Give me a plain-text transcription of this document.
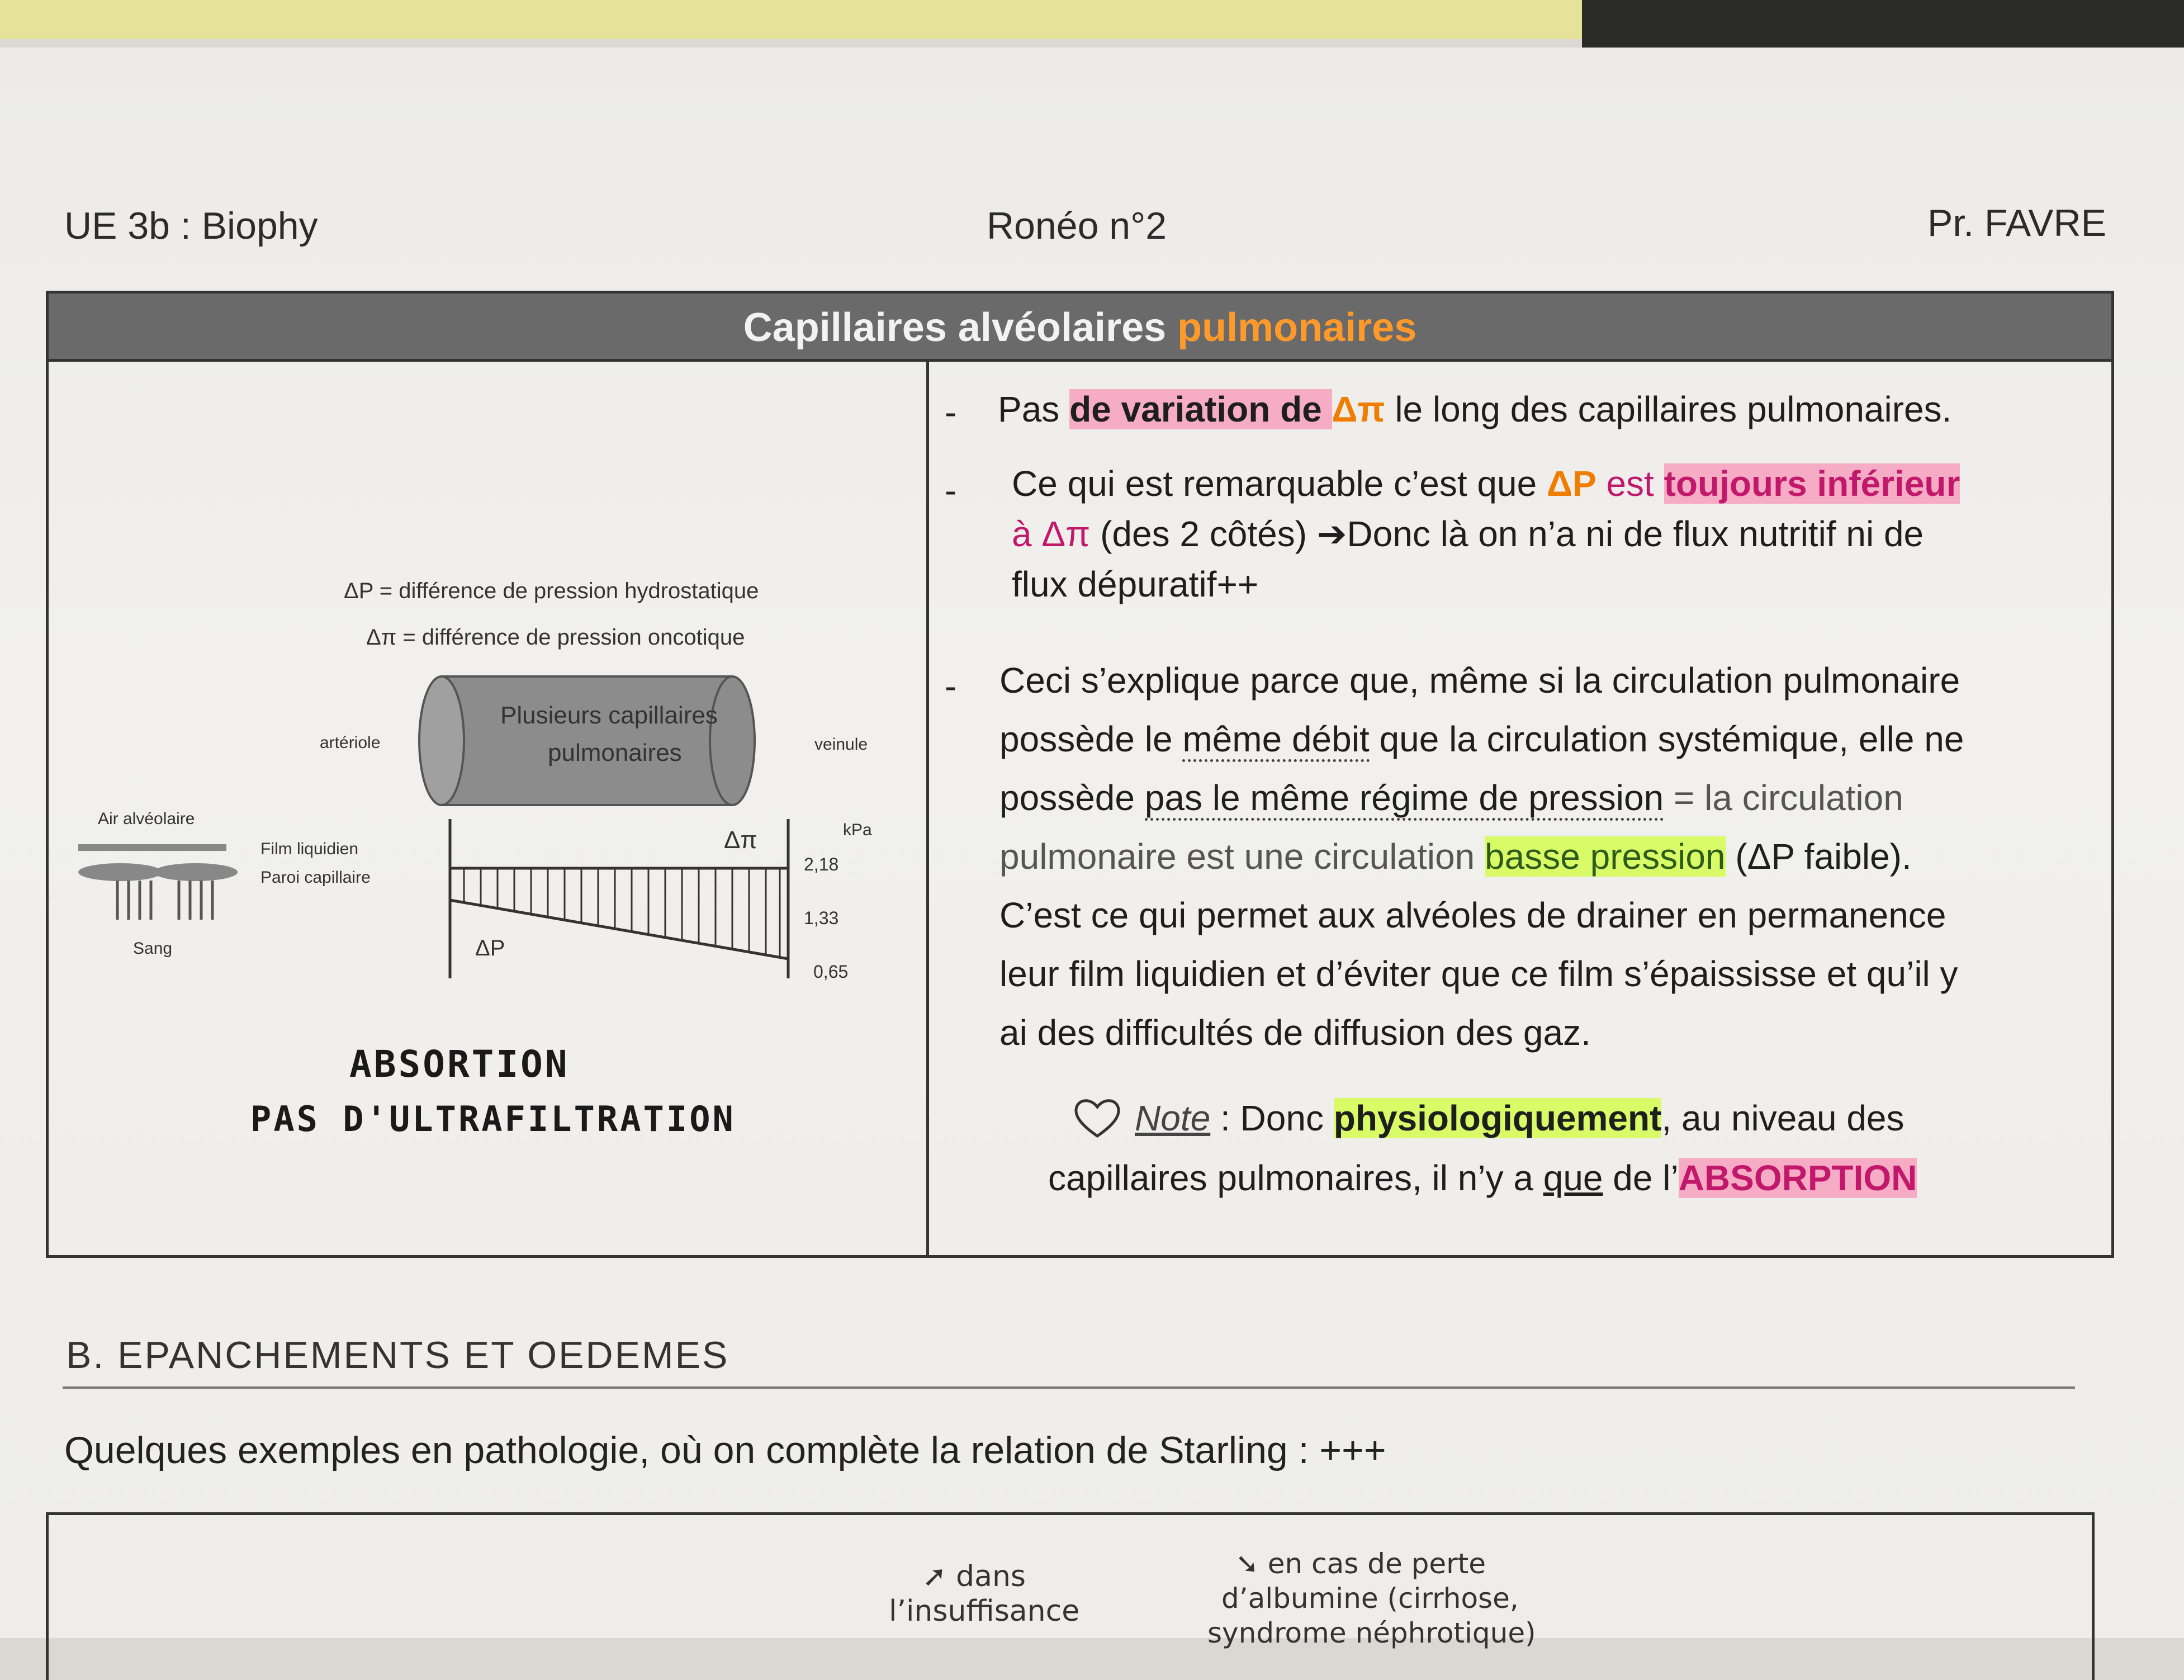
UE 3b : Biophy	Ronéo n°2	Pr. FAVRE
Capillaires alvéolaires pulmonaires
ΔP = différence de pression hydrostatique
Δπ = différence de pression oncotique
Plusieurs capillaires
pulmonaires
artériole	veinule
Air alvéolaire
Film liquidien
Paroi capillaire
Sang
kPa
2,18
1,33
0,65
Δπ
ΔP
ABSORTION
PAS D'ULTRAFILTRATION
- Pas de variation de Δπ le long des capillaires pulmonaires.
- Ce qui est remarquable c’est que ΔP est toujours inférieur
à Δπ (des 2 côtés) ➔Donc là on n’a ni de flux nutritif ni de
flux dépuratif++
- Ceci s’explique parce que, même si la circulation pulmonaire
possède le même débit que la circulation systémique, elle ne
possède pas le même régime de pression = la circulation
pulmonaire est une circulation basse pression (ΔP faible).
C’est ce qui permet aux alvéoles de drainer en permanence
leur film liquidien et d’éviter que ce film s’épaississe et qu’il y
ai des difficultés de diffusion des gaz.
Note : Donc physiologiquement, au niveau des
capillaires pulmonaires, il n’y a que de l’ABSORPTION
B. EPANCHEMENTS ET OEDEMES
Quelques exemples en pathologie, où on complète la relation de Starling : +++
➚ dans
l’insuffisance
➘ en cas de perte
d’albumine (cirrhose,
syndrome néphrotique)
